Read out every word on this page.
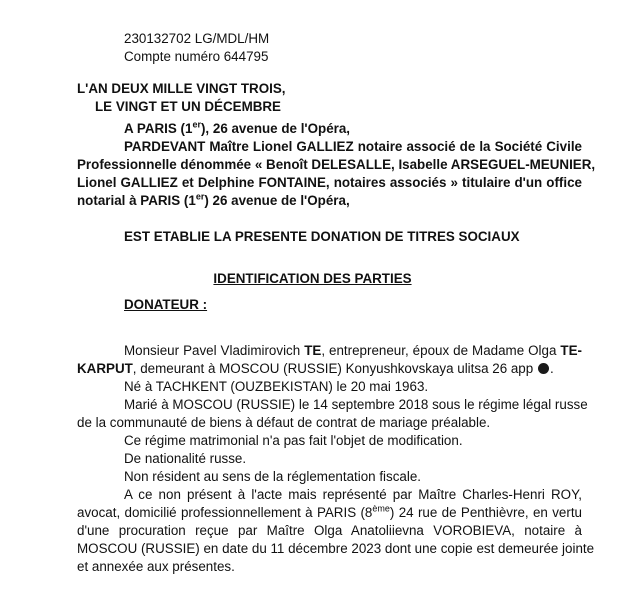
230132702 LG/MDL/HM
Compte numéro 644795
L'AN DEUX MILLE VINGT TROIS,
LE VINGT ET UN DÉCEMBRE
A PARIS (1er), 26 avenue de l'Opéra,
PARDEVANT Maître Lionel GALLIEZ notaire associé de la Société Civile
Professionnelle dénommée « Benoît DELESALLE, Isabelle ARSEGUEL-MEUNIER,
Lionel GALLIEZ et Delphine FONTAINE, notaires associés » titulaire d'un office
notarial à PARIS (1er) 26 avenue de l'Opéra,
EST ETABLIE LA PRESENTE DONATION DE TITRES SOCIAUX
IDENTIFICATION DES PARTIES
DONATEUR :
Monsieur Pavel Vladimirovich TE, entrepreneur, époux de Madame Olga TE-
KARPUT, demeurant à MOSCOU (RUSSIE) Konyushkovskaya ulitsa 26 app .
Né à TACHKENT (OUZBEKISTAN) le 20 mai 1963.
Marié à MOSCOU (RUSSIE) le 14 septembre 2018 sous le régime légal russe
de la communauté de biens à défaut de contrat de mariage préalable.
Ce régime matrimonial n'a pas fait l'objet de modification.
De nationalité russe.
Non résident au sens de la réglementation fiscale.
A ce non présent à l'acte mais représenté par Maître Charles-Henri ROY,
avocat, domicilié professionnellement à PARIS (8ème) 24 rue de Penthièvre, en vertu
d'une procuration reçue par Maître Olga Anatoliievna VOROBIEVA, notaire à
MOSCOU (RUSSIE) en date du 11 décembre 2023 dont une copie est demeurée jointe
et annexée aux présentes.
